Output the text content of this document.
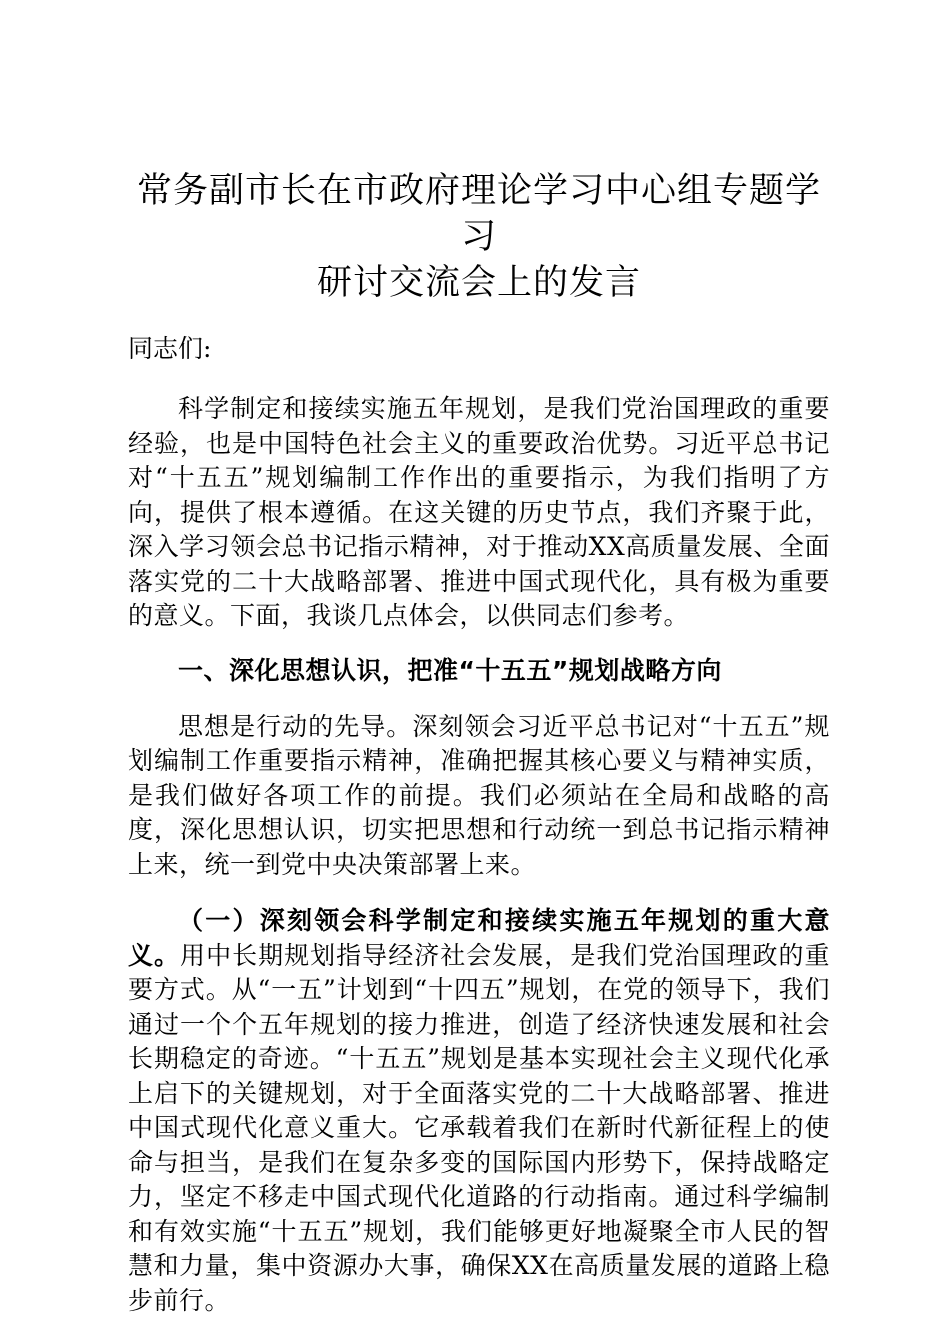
常务副市长在市政府理论学习中心组专题学习
研讨交流会上的发言

同志们:

科学制定和接续实施五年规划，是我们党治国理政的重要经验，也是中国特色社会主义的重要政治优势。习近平总书记对“十五五”规划编制工作作出的重要指示，为我们指明了方向，提供了根本遵循。在这关键的历史节点，我们齐聚于此，深入学习领会总书记指示精神，对于推动XX高质量发展、全面落实党的二十大战略部署、推进中国式现代化，具有极为重要的意义。下面，我谈几点体会，以供同志们参考。

一、深化思想认识，把准“十五五”规划战略方向

思想是行动的先导。深刻领会习近平总书记对“十五五”规划编制工作重要指示精神，准确把握其核心要义与精神实质，是我们做好各项工作的前提。我们必须站在全局和战略的高度，深化思想认识，切实把思想和行动统一到总书记指示精神上来，统一到党中央决策部署上来。

（一）深刻领会科学制定和接续实施五年规划的重大意义。用中长期规划指导经济社会发展，是我们党治国理政的重要方式。从“一五”计划到“十四五”规划，在党的领导下，我们通过一个个五年规划的接力推进，创造了经济快速发展和社会长期稳定的奇迹。“十五五”规划是基本实现社会主义现代化承上启下的关键规划，对于全面落实党的二十大战略部署、推进中国式现代化意义重大。它承载着我们在新时代新征程上的使命与担当，是我们在复杂多变的国际国内形势下，保持战略定力，坚定不移走中国式现代化道路的行动指南。通过科学编制和有效实施“十五五”规划，我们能够更好地凝聚全市人民的智慧和力量，集中资源办大事，确保XX在高质量发展的道路上稳步前行。
